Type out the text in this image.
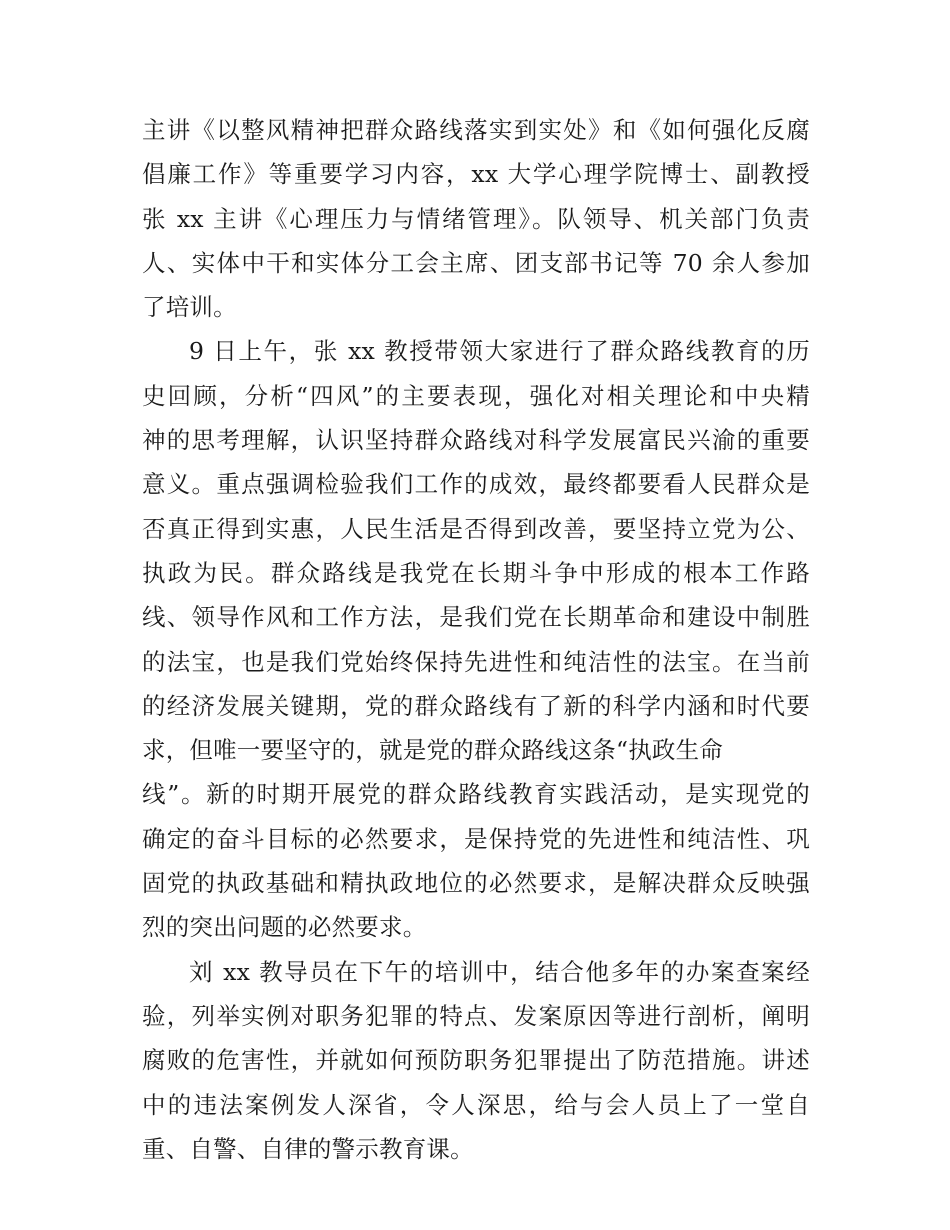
主讲《以整风精神把群众路线落实到实处》和《如何强化反腐
倡廉工作》等重要学习内容，xx 大学心理学院博士、副教授
张 xx 主讲《心理压力与情绪管理》。队领导、机关部门负责
人、实体中干和实体分工会主席、团支部书记等 70 余人参加
了培训。
9 日上午，张 xx 教授带领大家进行了群众路线教育的历
史回顾，分析“四风”的主要表现，强化对相关理论和中央精
神的思考理解，认识坚持群众路线对科学发展富民兴渝的重要
意义。重点强调检验我们工作的成效，最终都要看人民群众是
否真正得到实惠，人民生活是否得到改善，要坚持立党为公、
执政为民。群众路线是我党在长期斗争中形成的根本工作路
线、领导作风和工作方法，是我们党在长期革命和建设中制胜
的法宝，也是我们党始终保持先进性和纯洁性的法宝。在当前
的经济发展关键期，党的群众路线有了新的科学内涵和时代要
求，但唯一要坚守的，就是党的群众路线这条“执政生命
线”。新的时期开展党的群众路线教育实践活动，是实现党的
确定的奋斗目标的必然要求，是保持党的先进性和纯洁性、巩
固党的执政基础和精执政地位的必然要求，是解决群众反映强
烈的突出问题的必然要求。
刘 xx 教导员在下午的培训中，结合他多年的办案查案经
验，列举实例对职务犯罪的特点、发案原因等进行剖析，阐明
腐败的危害性，并就如何预防职务犯罪提出了防范措施。讲述
中的违法案例发人深省，令人深思，给与会人员上了一堂自
重、自警、自律的警示教育课。
